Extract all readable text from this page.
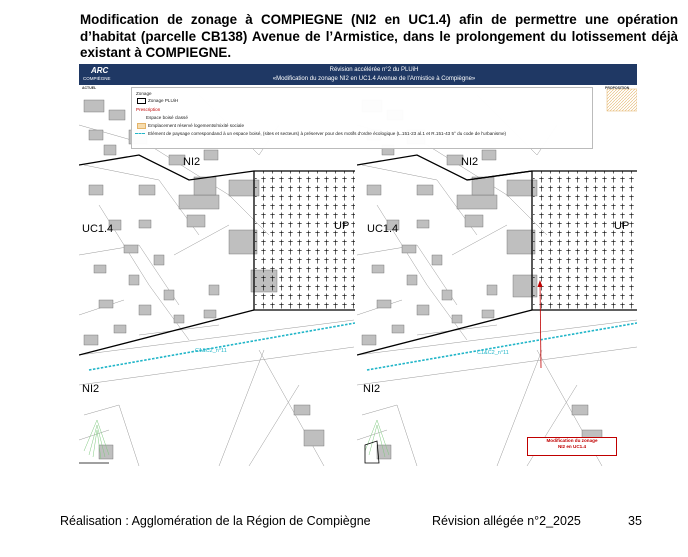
Modification de zonage à COMPIEGNE (NI2 en UC1.4) afin de permettre une opération d’habitat (parcelle CB138) Avenue de l’Armistice, dans le prolongement du lotissement déjà existant à COMPIEGNE.
ARC
COMPIÈGNE
Révision accélérée n°2 du PLUiH
«Modification du zonage NI2 en UC1.4 Avenue de l'Armistice à Compiègne»
ACTUEL
NI2
UC1.4	UP
NI2
C1&C2_n°11
PROPOSITION
NI2
UC1.4	UP
NI2
C1&C2_n°11
Zonage
Zonage PLUiH
Prescription
Espace boisé classé
Emplacement réservé logements/mixité sociale
Elément de paysage correspondand à un espace boisé, (sites et secteurs) à préserver pour des motifs d'ordre écologique (L.151-23 al.1 et R.151-43 5° du code de l'urbanisme)
Modification du zonage
NI2 en UC1.4
Réalisation : Agglomération de la Région de Compiègne	Révision allégée n°2_2025	35
